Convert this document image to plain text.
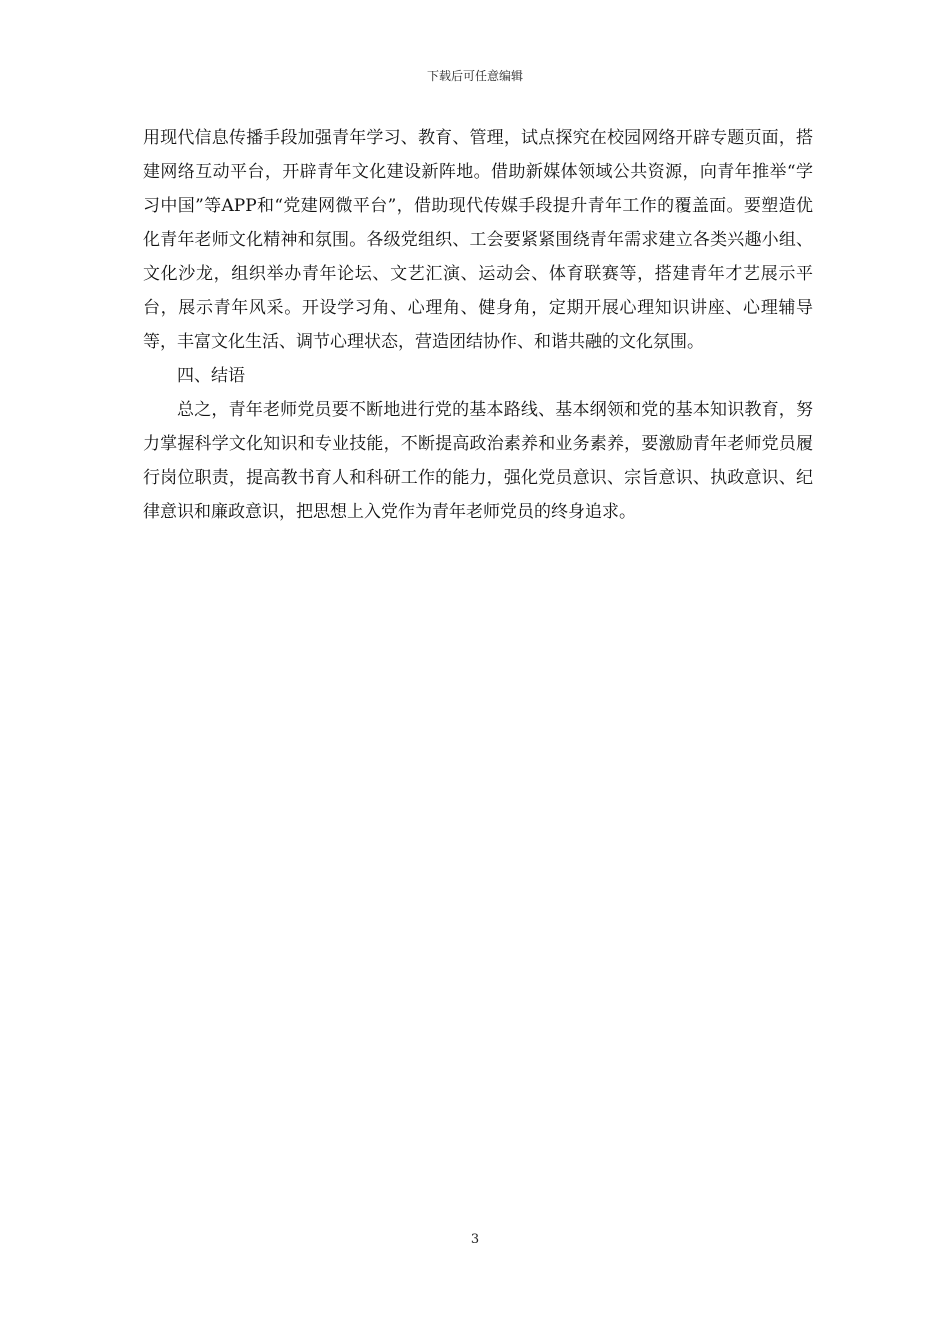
下载后可任意编辑

用现代信息传播手段加强青年学习、教育、管理，试点探究在校园网络开辟专题页面，搭建网络互动平台，开辟青年文化建设新阵地。借助新媒体领域公共资源，向青年推举“学习中国”等APP和“党建网微平台”，借助现代传媒手段提升青年工作的覆盖面。要塑造优化青年老师文化精神和氛围。各级党组织、工会要紧紧围绕青年需求建立各类兴趣小组、文化沙龙，组织举办青年论坛、文艺汇演、运动会、体育联赛等，搭建青年才艺展示平台，展示青年风采。开设学习角、心理角、健身角，定期开展心理知识讲座、心理辅导等，丰富文化生活、调节心理状态，营造团结协作、和谐共融的文化氛围。

四、结语

总之，青年老师党员要不断地进行党的基本路线、基本纲领和党的基本知识教育，努力掌握科学文化知识和专业技能，不断提高政治素养和业务素养，要激励青年老师党员履行岗位职责，提高教书育人和科研工作的能力，强化党员意识、宗旨意识、执政意识、纪律意识和廉政意识，把思想上入党作为青年老师党员的终身追求。

3
